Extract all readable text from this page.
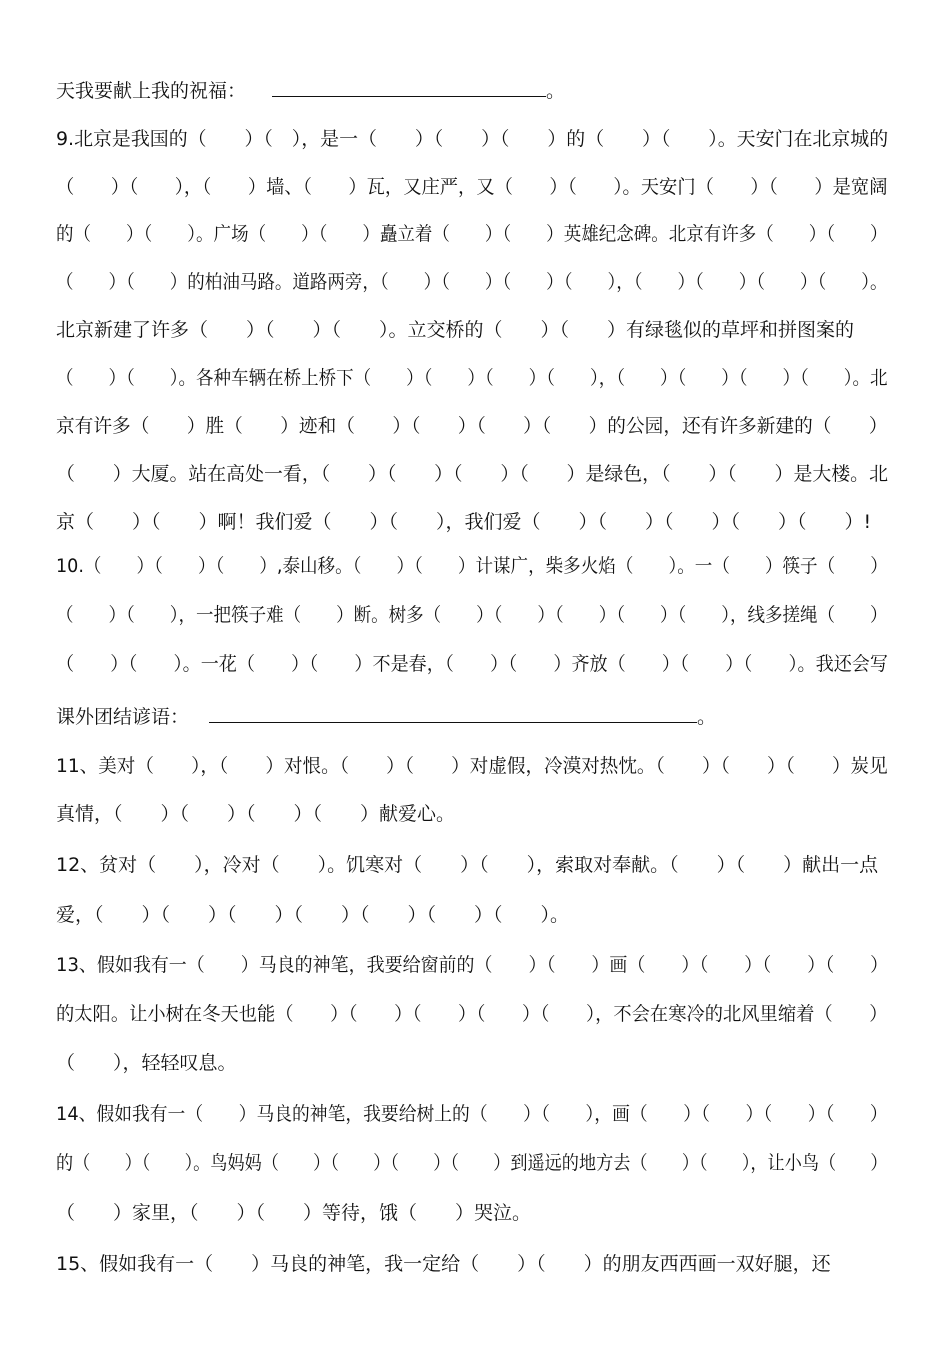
天我要献上我的祝福：	。
9.北京是我国的（　　）（　），是一（　　）（　　）（　　）的（　　）（　　）。天安门在北京城的
（　　）（　　），（　　）墙、（　　）瓦，又庄严，又（　　）（　　）。天安门（　　）（　　）是宽阔
的（　　）（　　）。广场（　　）（　　）矗立着（　　）（　　）英雄纪念碑。北京有许多（　　）（　　）
（　　）（　　）的柏油马路。道路两旁，（　　）（　　）（　　）（　　），（　　）（　　）（　　）（　　）。
北京新建了许多（　　）（　　）（　　）。立交桥的（　　）（　　）有绿毯似的草坪和拼图案的
（　　）（　　）。各种车辆在桥上桥下（　　）（　　）（　　）（　　），（　　）（　　）（　　）（　　）。北
京有许多（　　）胜（　　）迹和（　　）（　　）（　　）（　　）的公园，还有许多新建的（　　）
（　　）大厦。站在高处一看，（　　）（　　）（　　）（　　）是绿色，（　　）（　　）是大楼。北
京（　　）（　　）啊！我们爱（　　）（　　），我们爱（　　）（　　）（　　）（　　）（　　）!
10.（　　）（　　）（　　）,泰山移。（　　）（　　）计谋广，柴多火焰（　　）。一（　　）筷子（　　）
（　　）（　　），一把筷子难（　　）断。树多（　　）（　　）（　　）（　　）（　　），线多搓绳（　　）
（　　）（　　）。一花（　　）（　　）不是春，（　　）（　　）齐放（　　）（　　）（　　）。我还会写
课外团结谚语：	。
11、美对（　　），（　　）对恨。（　　）（　　）对虚假，冷漠对热忱。（　　）（　　）（　　）炭见
真情，（　　）（　　）（　　）（　　）献爱心。
12、贫对（　　），冷对（　　）。饥寒对（　　）（　　），索取对奉献。（　　）（　　）献出一点
爱，（　　）（　　）（　　）（　　）（　　）（　　）（　　）。
13、假如我有一（　　）马良的神笔，我要给窗前的（　　）（　　）画（　　）（　　）（　　）（　　）
的太阳。让小树在冬天也能（　　）（　　）（　　）（　　）（　　），不会在寒冷的北风里缩着（　　）
（　　），轻轻叹息。
14、假如我有一（　　）马良的神笔，我要给树上的（　　）（　　），画（　　）（　　）（　　）（　　）
的（　　）（　　）。鸟妈妈（　　）（　　）（　　）（　　）到遥远的地方去（　　）（　　），让小鸟（　　）
（　　）家里，（　　）（　　）等待，饿（　　）哭泣。
15、假如我有一（　　）马良的神笔，我一定给（　　）（　　）的朋友西西画一双好腿，还
